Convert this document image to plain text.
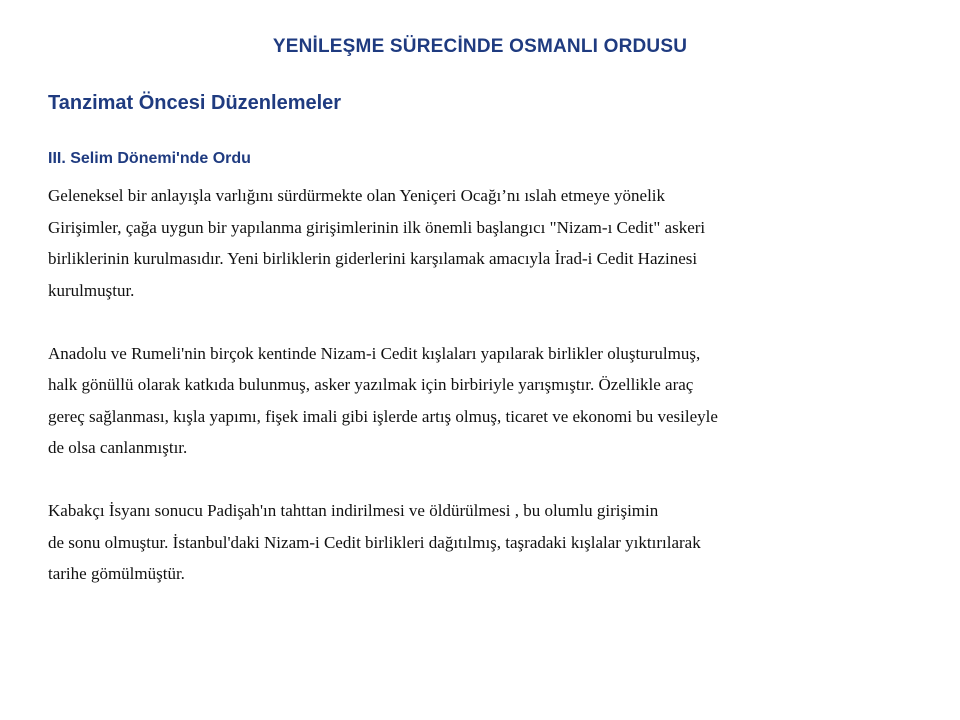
YENİLEŞME SÜRECİNDE OSMANLI ORDUSU
Tanzimat Öncesi Düzenlemeler
III. Selim Dönemi'nde Ordu

Geleneksel bir anlayışla varlığını sürdürmekte olan Yeniçeri Ocağı’nı ıslah etmeye yönelik
Girişimler, çağa uygun bir yapılanma girişimlerinin ilk önemli başlangıcı "Nizam-ı Cedit" askeri
birliklerinin kurulmasıdır. Yeni birliklerin giderlerini karşılamak amacıyla İrad-i Cedit Hazinesi
kurulmuştur.

Anadolu ve Rumeli'nin birçok kentinde Nizam-i Cedit kışlaları yapılarak birlikler oluşturulmuş,
halk gönüllü olarak katkıda bulunmuş, asker yazılmak için birbiriyle yarışmıştır. Özellikle araç
gereç sağlanması, kışla yapımı, fişek imali gibi işlerde artış olmuş, ticaret ve ekonomi bu vesileyle
de olsa canlanmıştır.

Kabakçı İsyanı sonucu Padişah'ın tahttan indirilmesi ve öldürülmesi , bu olumlu girişimin
de sonu olmuştur. İstanbul'daki Nizam-i Cedit birlikleri dağıtılmış, taşradaki kışlalar yıktırılarak
tarihe gömülmüştür.
